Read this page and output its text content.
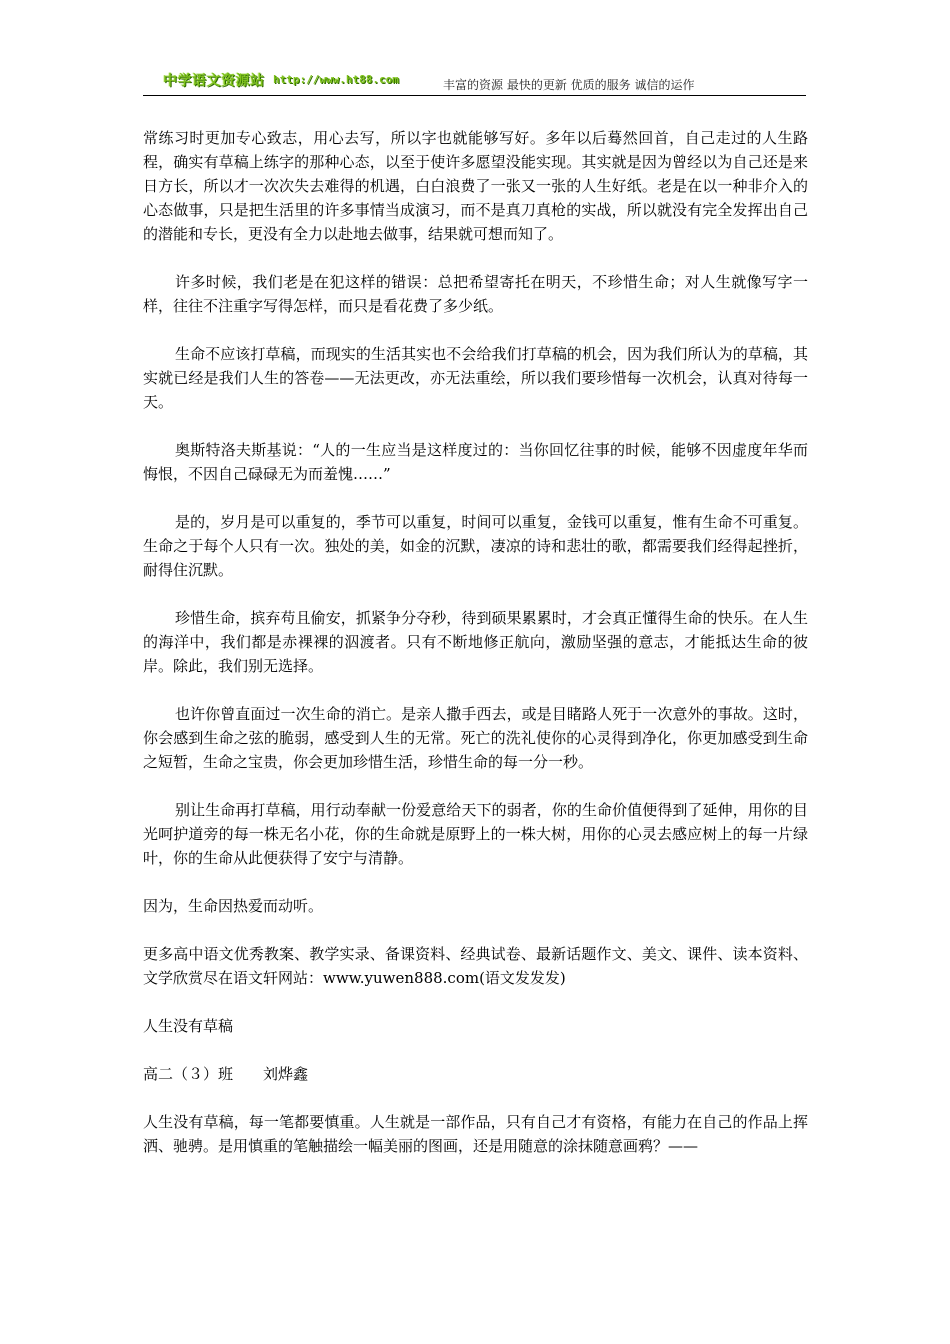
中学语文资源站 http://www.ht88.com	丰富的资源 最快的更新 优质的服务 诚信的运作

常练习时更加专心致志，用心去写，所以字也就能够写好。多年以后蓦然回首，自己走过的人生路程，确实有草稿上练字的那种心态，以至于使许多愿望没能实现。其实就是因为曾经以为自己还是来日方长，所以才一次次失去难得的机遇，白白浪费了一张又一张的人生好纸。老是在以一种非介入的心态做事，只是把生活里的许多事情当成演习，而不是真刀真枪的实战，所以就没有完全发挥出自己的潜能和专长，更没有全力以赴地去做事，结果就可想而知了。

许多时候，我们老是在犯这样的错误：总把希望寄托在明天，不珍惜生命；对人生就像写字一样，往往不注重字写得怎样，而只是看花费了多少纸。

生命不应该打草稿，而现实的生活其实也不会给我们打草稿的机会，因为我们所认为的草稿，其实就已经是我们人生的答卷——无法更改，亦无法重绘，所以我们要珍惜每一次机会，认真对待每一天。

奥斯特洛夫斯基说：“人的一生应当是这样度过的：当你回忆往事的时候，能够不因虚度年华而悔恨，不因自己碌碌无为而羞愧……”

是的，岁月是可以重复的，季节可以重复，时间可以重复，金钱可以重复，惟有生命不可重复。生命之于每个人只有一次。独处的美，如金的沉默，凄凉的诗和悲壮的歌，都需要我们经得起挫折，耐得住沉默。

珍惜生命，摈弃苟且偷安，抓紧争分夺秒，待到硕果累累时，才会真正懂得生命的快乐。在人生的海洋中，我们都是赤裸裸的泅渡者。只有不断地修正航向，激励坚强的意志，才能抵达生命的彼岸。除此，我们别无选择。

也许你曾直面过一次生命的消亡。是亲人撒手西去，或是目睹路人死于一次意外的事故。这时，你会感到生命之弦的脆弱，感受到人生的无常。死亡的洗礼使你的心灵得到净化，你更加感受到生命之短暂，生命之宝贵，你会更加珍惜生活，珍惜生命的每一分一秒。

别让生命再打草稿，用行动奉献一份爱意给天下的弱者，你的生命价值便得到了延伸，用你的目光呵护道旁的每一株无名小花，你的生命就是原野上的一株大树，用你的心灵去感应树上的每一片绿叶，你的生命从此便获得了安宁与清静。

因为，生命因热爱而动听。

更多高中语文优秀教案、教学实录、备课资料、经典试卷、最新话题作文、美文、课件、读本资料、文学欣赏尽在语文轩网站：www.yuwen888.com(语文发发发)

人生没有草稿

高二（３）班 刘烨鑫

人生没有草稿，每一笔都要慎重。人生就是一部作品，只有自己才有资格，有能力在自己的作品上挥洒、驰骋。是用慎重的笔触描绘一幅美丽的图画，还是用随意的涂抹随意画鸦？——
